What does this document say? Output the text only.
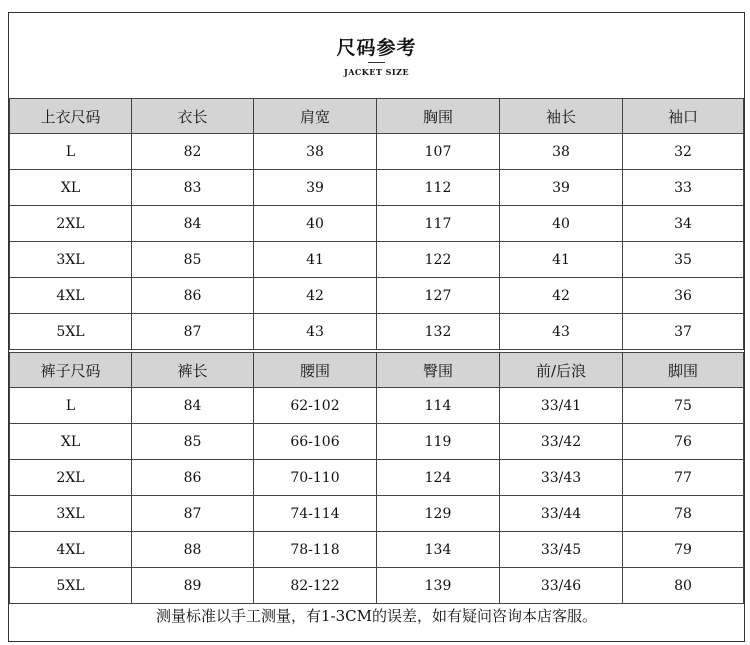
尺码参考
JACKET SIZE
上衣尺码	衣长	肩宽	胸围	袖长	袖口
L	82	38	107	38	32
XL	83	39	112	39	33
2XL	84	40	117	40	34
3XL	85	41	122	41	35
4XL	86	42	127	42	36
5XL	87	43	132	43	37
裤子尺码	裤长	腰围	臀围	前/后浪	脚围
L	84	62-102	114	33/41	75
XL	85	66-106	119	33/42	76
2XL	86	70-110	124	33/43	77
3XL	87	74-114	129	33/44	78
4XL	88	78-118	134	33/45	79
5XL	89	82-122	139	33/46	80
测量标准以手工测量，有1-3CM的误差，如有疑问咨询本店客服。
